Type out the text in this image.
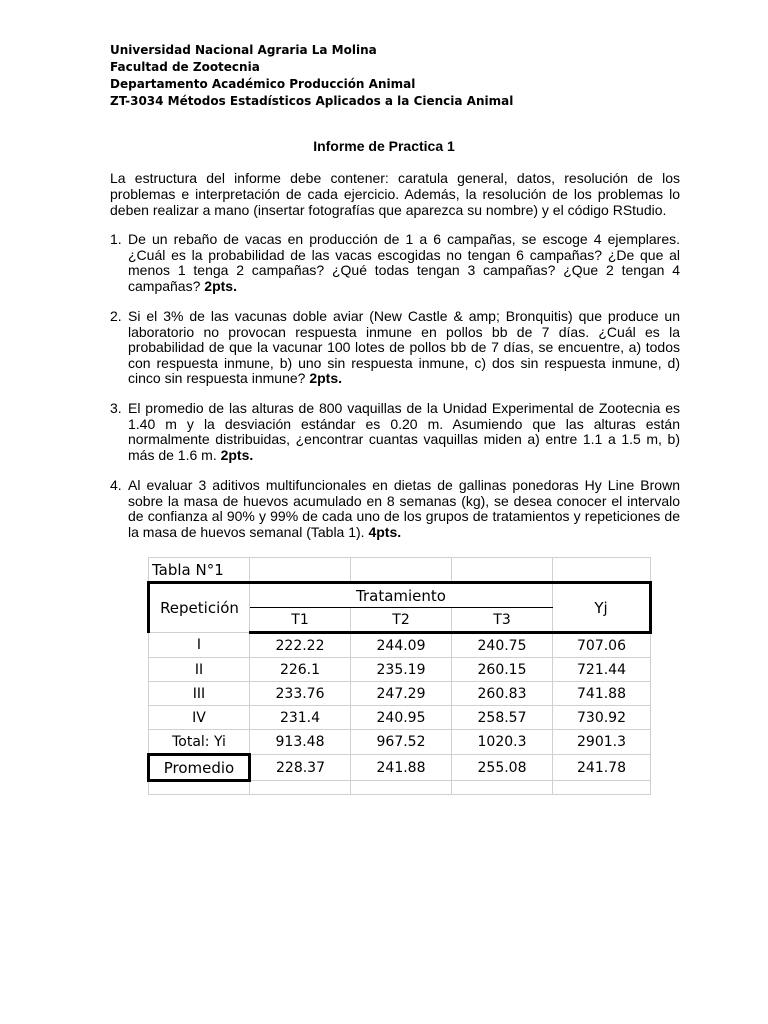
Universidad Nacional Agraria La Molina
Facultad de Zootecnia
Departamento Académico Producción Animal
ZT-3034 Métodos Estadísticos Aplicados a la Ciencia Animal
Informe de Practica 1
La estructura del informe debe contener: caratula general, datos, resolución de los problemas e interpretación de cada ejercicio. Además, la resolución de los problemas lo deben realizar a mano (insertar fotografías que aparezca su nombre) y el código RStudio.
1. De un rebaño de vacas en producción de 1 a 6 campañas, se escoge 4 ejemplares. ¿Cuál es la probabilidad de las vacas escogidas no tengan 6 campañas? ¿De que al menos 1 tenga 2 campañas? ¿Qué todas tengan 3 campañas? ¿Que 2 tengan 4 campañas? 2pts.
2. Si el 3% de las vacunas doble aviar (New Castle & amp; Bronquitis) que produce un laboratorio no provocan respuesta inmune en pollos bb de 7 días. ¿Cuál es la probabilidad de que la vacunar 100 lotes de pollos bb de 7 días, se encuentre, a) todos con respuesta inmune, b) uno sin respuesta inmune, c) dos sin respuesta inmune, d) cinco sin respuesta inmune? 2pts.
3. El promedio de las alturas de 800 vaquillas de la Unidad Experimental de Zootecnia es 1.40 m y la desviación estándar es 0.20 m. Asumiendo que las alturas están normalmente distribuidas, ¿encontrar cuantas vaquillas miden a) entre 1.1 a 1.5 m, b) más de 1.6 m. 2pts.
4. Al evaluar 3 aditivos multifuncionales en dietas de gallinas ponedoras Hy Line Brown sobre la masa de huevos acumulado en 8 semanas (kg), se desea conocer el intervalo de confianza al 90% y 99% de cada uno de los grupos de tratamientos y repeticiones de la masa de huevos semanal (Tabla 1). 4pts.
Tabla N°1				
Repetición	Tratamiento			Yj
	T1	T2	T3	
I	222.22	244.09	240.75	707.06
II	226.1	235.19	260.15	721.44
III	233.76	247.29	260.83	741.88
IV	231.4	240.95	258.57	730.92
Total: Yi	913.48	967.52	1020.3	2901.3
Promedio	228.37	241.88	255.08	241.78
